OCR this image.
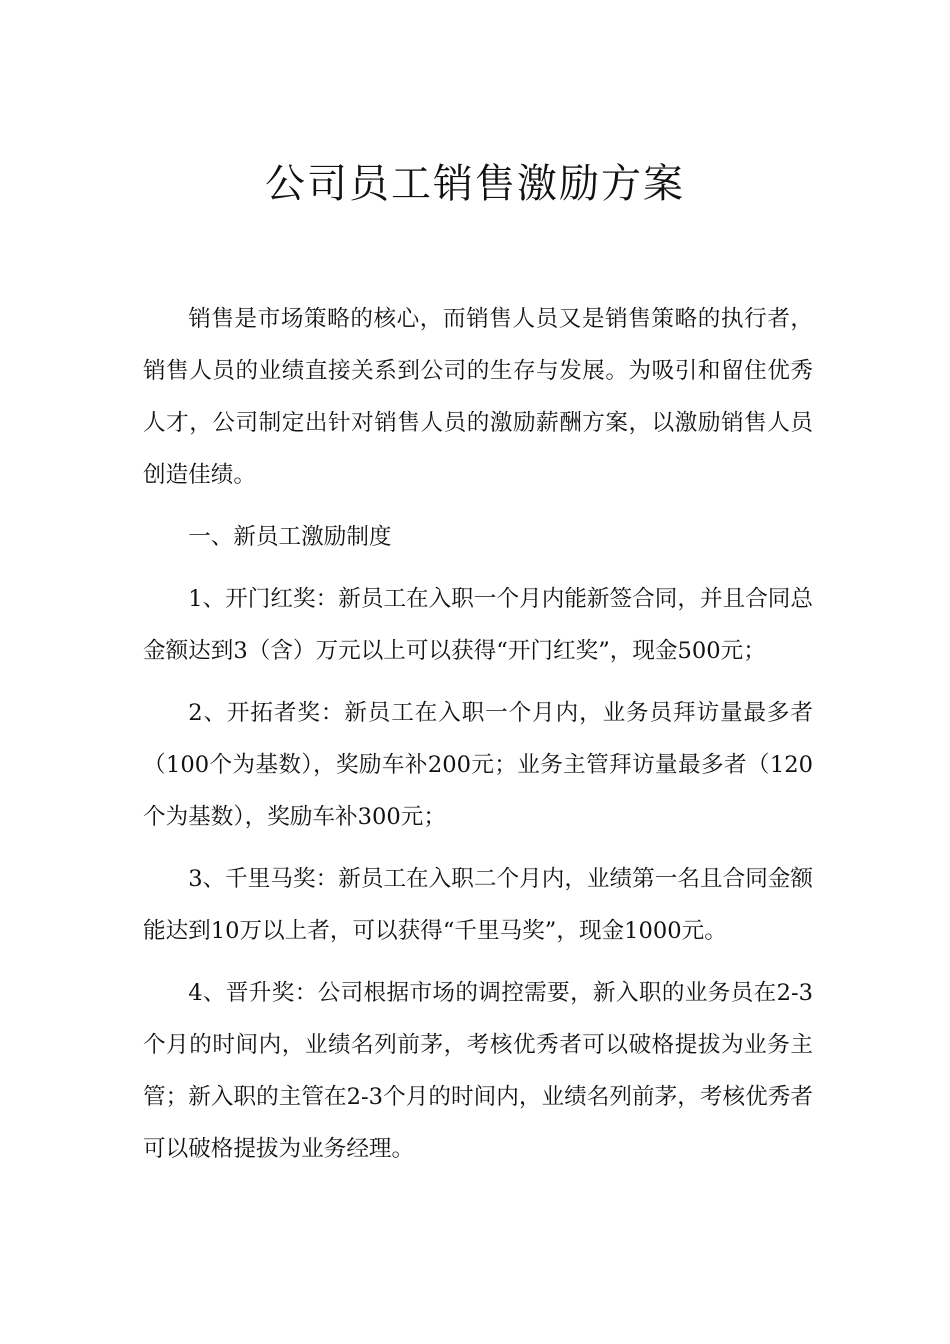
公司员工销售激励方案

销售是市场策略的核心，而销售人员又是销售策略的执行者，销售人员的业绩直接关系到公司的生存与发展。为吸引和留住优秀人才，公司制定出针对销售人员的激励薪酬方案，以激励销售人员创造佳绩。

一、新员工激励制度

1、开门红奖：新员工在入职一个月内能新签合同，并且合同总金额达到3（含）万元以上可以获得“开门红奖”，现金500元；

2、开拓者奖：新员工在入职一个月内，业务员拜访量最多者（100个为基数），奖励车补200元；业务主管拜访量最多者（120个为基数），奖励车补300元；

3、千里马奖：新员工在入职二个月内，业绩第一名且合同金额能达到10万以上者，可以获得“千里马奖”，现金1000元。

4、晋升奖：公司根据市场的调控需要，新入职的业务员在2-3个月的时间内，业绩名列前茅，考核优秀者可以破格提拔为业务主管；新入职的主管在2-3个月的时间内，业绩名列前茅，考核优秀者可以破格提拔为业务经理。
